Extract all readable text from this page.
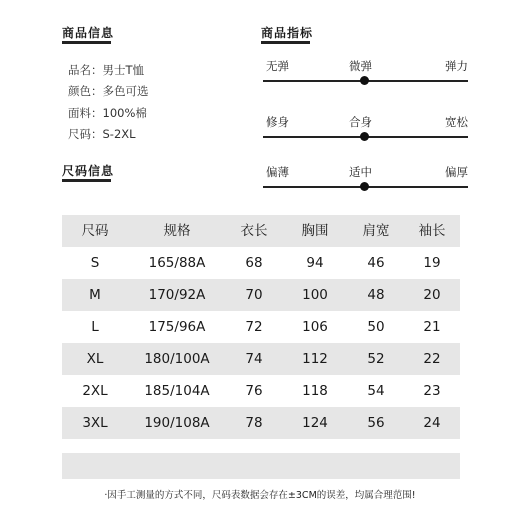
商品信息
品名：男士T恤
颜色：多色可选
面料：100%棉
尺码：S-2XL
商品指标
无弹	微弹	弹力
修身	合身	宽松
偏薄	适中	偏厚
尺码信息
尺码	规格	衣长	胸围	肩宽	袖长
S	165/88A	68	94	46	19
M	170/92A	70	100	48	20
L	175/96A	72	106	50	21
XL	180/100A	74	112	52	22
2XL	185/104A	76	118	54	23
3XL	190/108A	78	124	56	24
·因手工测量的方式不同，尺码表数据会存在±3CM的误差，均属合理范围!
